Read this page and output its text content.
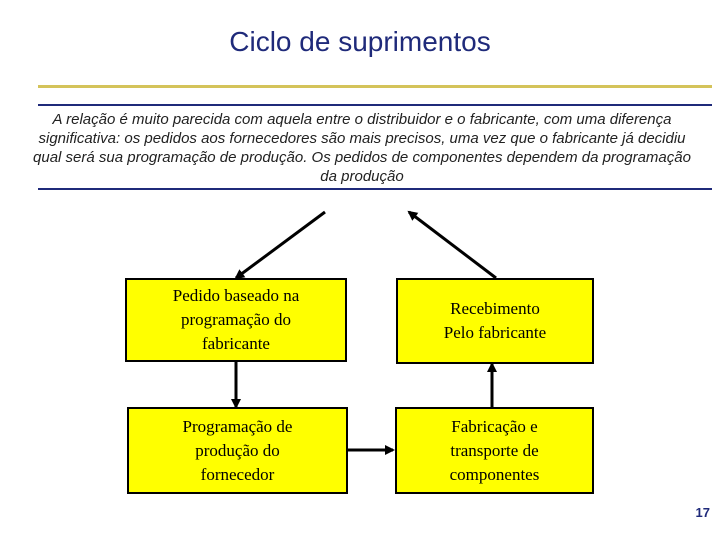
Ciclo de suprimentos
A relação é muito parecida com aquela entre o distribuidor e o fabricante, com uma diferença significativa: os pedidos aos fornecedores são mais precisos, uma vez que o fabricante já decidiu qual será sua programação de produção. Os pedidos de componentes dependem da programação da produção
Pedido baseado na
programação do
fabricante
Recebimento
Pelo fabricante
Programação de
produção do
fornecedor
Fabricação e
transporte de
componentes
17
